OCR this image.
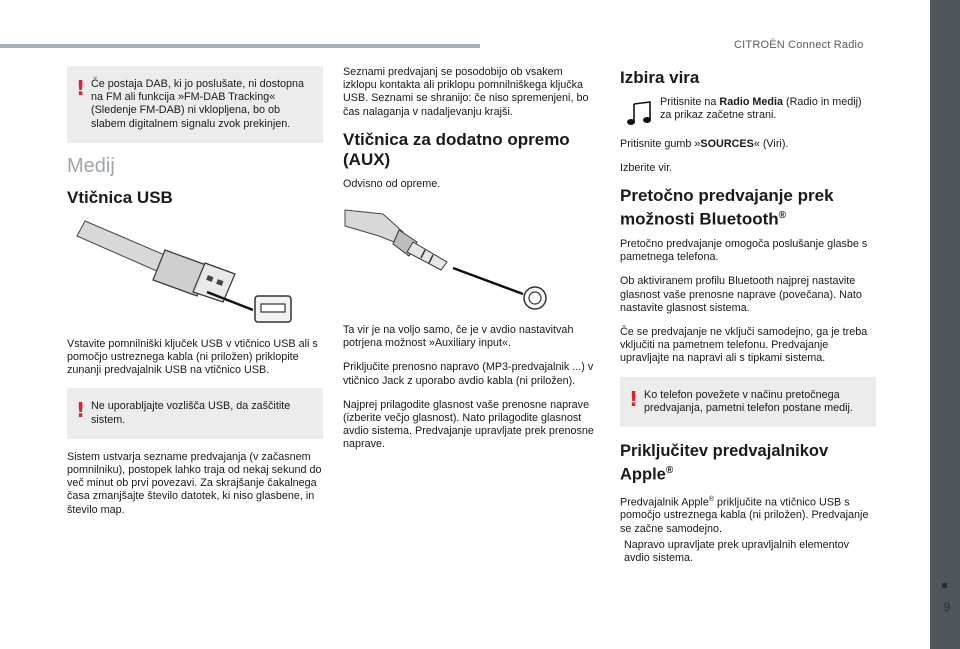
CITROËN Connect Radio
9
! Če postaja DAB, ki jo poslušate, ni dostopna na FM ali funkcija »FM-DAB Tracking« (Sledenje FM-DAB) ni vklopljena, bo ob slabem digitalnem signalu zvok prekinjen.
Medij
Vtičnica USB

Vstavite pomnilniški ključek USB v vtičnico USB ali s pomočjo ustreznega kabla (ni priložen) priklopite zunanji predvajalnik USB na vtičnico USB.

! Ne uporabljajte vozlišča USB, da zaščitite sistem.

Sistem ustvarja sezname predvajanja (v začasnem pomnilniku), postopek lahko traja od nekaj sekund do več minut ob prvi povezavi. Za skrajšanje čakalnega časa zmanjšajte število datotek, ki niso glasbene, in število map.

Seznami predvajanj se posodobijo ob vsakem izklopu kontakta ali priklopu pomnilniškega ključka USB. Seznami se shranijo: če niso spremenjeni, bo čas nalaganja v nadaljevanju krajši.

Vtičnica za dodatno opremo (AUX)

Odvisno od opreme.

Ta vir je na voljo samo, če je v avdio nastavitvah potrjena možnost »Auxiliary input«.

Priključite prenosno napravo (MP3-predvajalnik ...) v vtičnico Jack z uporabo avdio kabla (ni priložen).

Najprej prilagodite glasnost vaše prenosne naprave (izberite večjo glasnost). Nato prilagodite glasnost avdio sistema. Predvajanje upravljate prek prenosne naprave.

Izbira vira

Pritisnite na Radio Media (Radio in medij) za prikaz začetne strani.

Pritisnite gumb »SOURCES« (Viri).

Izberite vir.

Pretočno predvajanje prek možnosti Bluetooth®

Pretočno predvajanje omogoča poslušanje glasbe s pametnega telefona.

Ob aktiviranem profilu Bluetooth najprej nastavite glasnost vaše prenosne naprave (povečana). Nato nastavite glasnost sistema.

Če se predvajanje ne vključi samodejno, ga je treba vključiti na pametnem telefonu. Predvajanje upravljajte na napravi ali s tipkami sistema.

! Ko telefon povežete v načinu pretočnega predvajanja, pametni telefon postane medij.
Priključitev predvajalnikov Apple®

Predvajalnik Apple® priključite na vtičnico USB s pomočjo ustreznega kabla (ni priložen). Predvajanje se začne samodejno.

Napravo upravljate prek upravljalnih elementov avdio sistema.
